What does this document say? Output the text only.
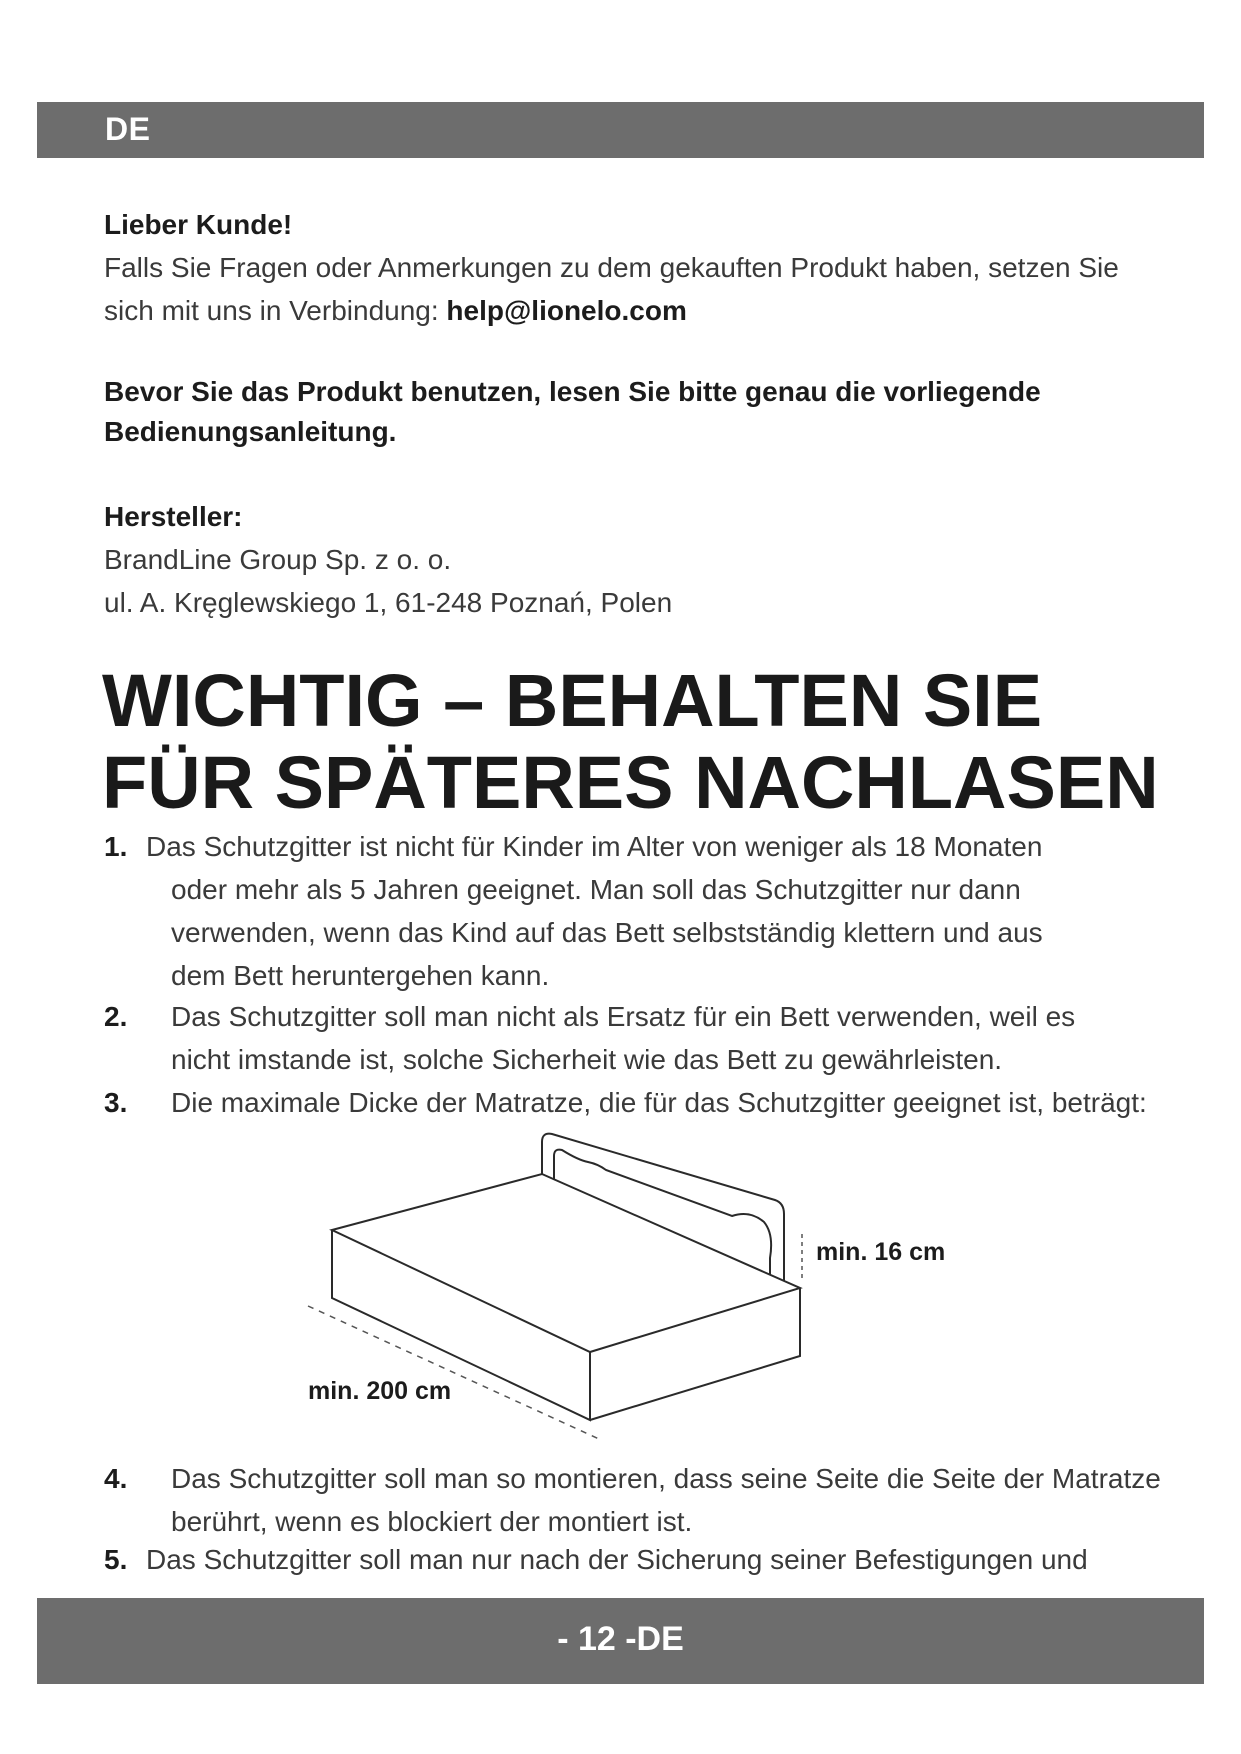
DE

Lieber Kunde!

Falls Sie Fragen oder Anmerkungen zu dem gekauften Produkt haben, setzen Sie

sich mit uns in Verbindung: help@lionelo.com

Bevor Sie das Produkt benutzen, lesen Sie bitte genau die vorliegende
Bedienungsanleitung.

Hersteller:

BrandLine Group Sp. z o. o.

ul. A. Kręglewskiego 1, 61-248 Poznań, Polen

WICHTIG – BEHALTEN SIE
FÜR SPÄTERES NACHLASEN
1. Das Schutzgitter ist nicht für Kinder im Alter von weniger als 18 Monaten
oder mehr als 5 Jahren geeignet. Man soll das Schutzgitter nur dann
verwenden, wenn das Kind auf das Bett selbstständig klettern und aus
dem Bett heruntergehen kann.
2. Das Schutzgitter soll man nicht als Ersatz für ein Bett verwenden, weil es
nicht imstande ist, solche Sicherheit wie das Bett zu gewährleisten.
3. Die maximale Dicke der Matratze, die für das Schutzgitter geeignet ist, beträgt:
min. 16 cm
min. 200 cm
4. Das Schutzgitter soll man so montieren, dass seine Seite die Seite der Matratze
berührt, wenn es blockiert der montiert ist.
5. Das Schutzgitter soll man nur nach der Sicherung seiner Befestigungen und
- 12 -DE
